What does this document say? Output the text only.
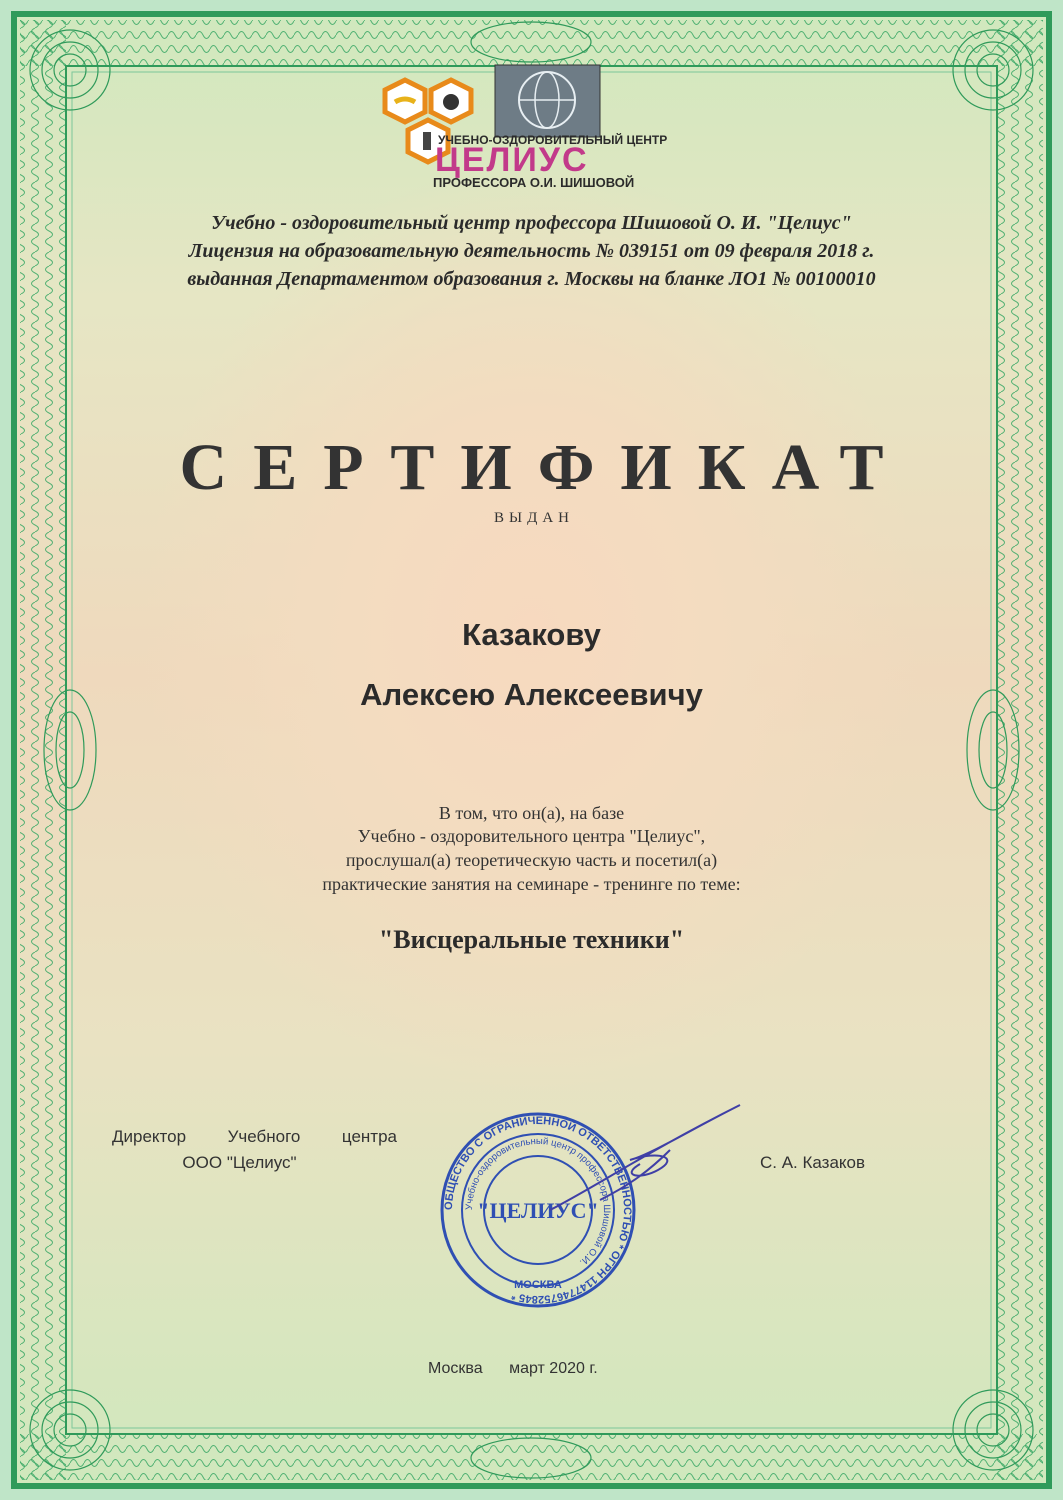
УЧЕБНО-ОЗДОРОВИТЕЛЬНЫЙ ЦЕНТР
ЦЕЛИУС
ПРОФЕССОРА О.И. ШИШОВОЙ
Учебно - оздоровительный центр профессора Шишовой О. И. "Целиус"
Лицензия на образовательную деятельность № 039151 от 09 февраля 2018 г.
выданная Департаментом образования г. Москвы на бланке ЛО1 № 00100010
СЕРТИФИКАТ
ВЫДАН
Казакову
Алексею Алексеевичу
В том, что он(а), на базе
Учебно - оздоровительного центра "Целиус",
прослушал(а) теоретическую часть и посетил(а)
практические занятия на семинаре - тренинге по теме:
"Висцеральные техники"
Директор Учебного центра
ООО "Целиус"	С. А. Казаков
ОБЩЕСТВО С ОГРАНИЧЕННОЙ ОТВЕТСТВЕННОСТЬЮ * ОГРН 1147746752845 *
Учебно-оздоровительный центр профессора Шишовой О.И.
"ЦЕЛИУС"
МОСКВА
Москва март 2020 г.
